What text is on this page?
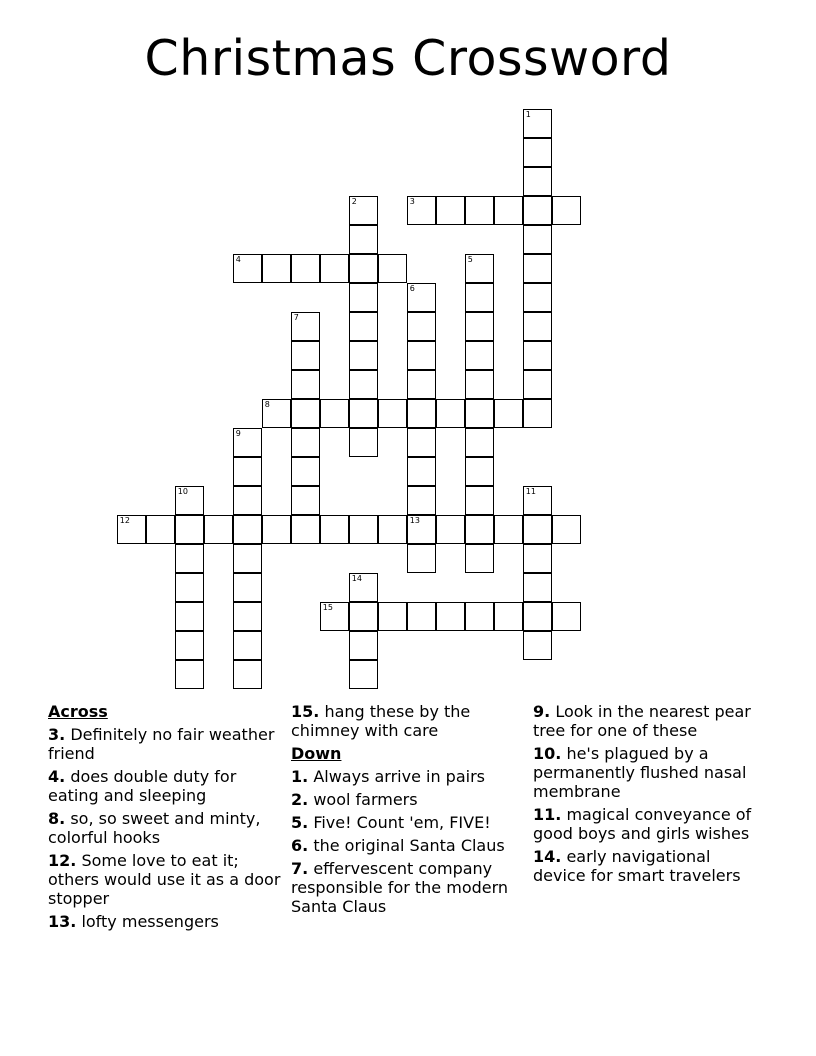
Christmas Crossword
1
3
2
4	5
6
13
7
8
9
10	11
12
14
15
Across
3. Definitely no fair weather friend
4. does double duty for eating and sleeping
8. so, so sweet and minty, colorful hooks
12. Some love to eat it; others would use it as a door stopper
13. lofty messengers
15. hang these by the chimney with care
Down
1. Always arrive in pairs
2. wool farmers
5. Five! Count 'em, FIVE!
6. the original Santa Claus
7. effervescent company responsible for the modern Santa Claus
9. Look in the nearest pear tree for one of these
10. he's plagued by a permanently flushed nasal membrane
11. magical conveyance of good boys and girls wishes
14. early navigational device for smart travelers
